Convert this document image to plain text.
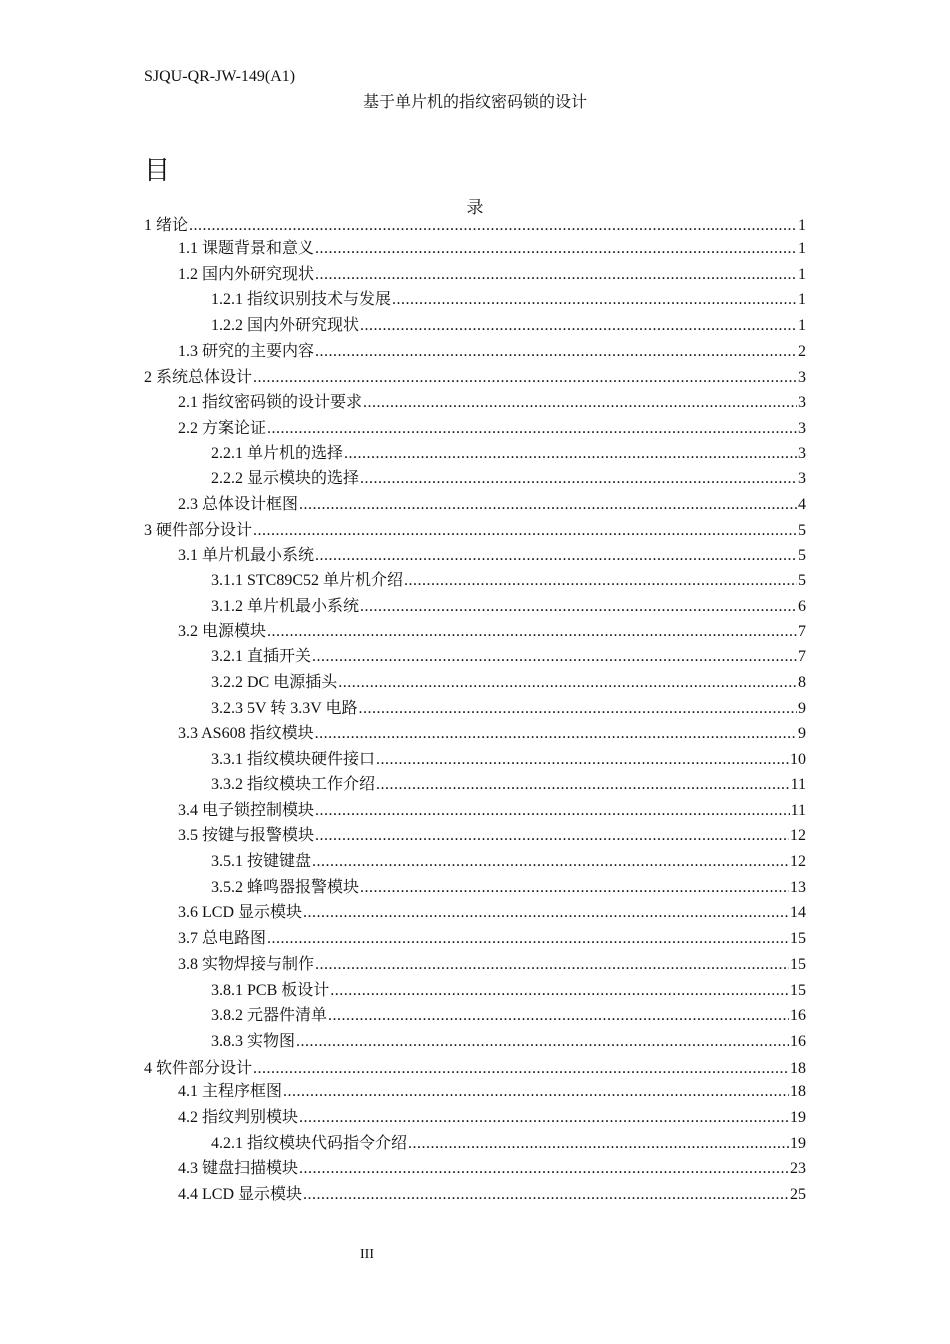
SJQU-QR-JW-149(A1)
基于单片机的指纹密码锁的设计
目
录
1 绪论 .....	1
1.1 课题背景和意义 .....	1
1.2 国内外研究现状 .....	1
1.2.1 指纹识别技术与发展 .....	1
1.2.2 国内外研究现状 .....	1
1.3 研究的主要内容 .....	2
2 系统总体设计 .....	3
2.1 指纹密码锁的设计要求 .....	3
2.2 方案论证 .....	3
2.2.1 单片机的选择 .....	3
2.2.2 显示模块的选择 .....	3
2.3 总体设计框图 .....	4
3 硬件部分设计 .....	5
3.1 单片机最小系统 .....	5
3.1.1 STC89C52 单片机介绍 .....	5
3.1.2 单片机最小系统 .....	6
3.2 电源模块 .....	7
3.2.1 直插开关 .....	7
3.2.2 DC 电源插头 .....	8
3.2.3 5V 转 3.3V 电路 .....	9
3.3 AS608 指纹模块 .....	9
3.3.1 指纹模块硬件接口 .....	10
3.3.2 指纹模块工作介绍 .....	11
3.4 电子锁控制模块 .....	11
3.5 按键与报警模块 .....	12
3.5.1 按键键盘 .....	12
3.5.2 蜂鸣器报警模块 .....	13
3.6 LCD 显示模块 .....	14
3.7 总电路图 .....	15
3.8 实物焊接与制作 .....	15
3.8.1 PCB 板设计 .....	15
3.8.2 元器件清单 .....	16
3.8.3 实物图 .....	16
4 软件部分设计 .....	18
4.1 主程序框图 .....	18
4.2 指纹判别模块 .....	19
4.2.1 指纹模块代码指令介绍 .....	19
4.3 键盘扫描模块 .....	23
4.4 LCD 显示模块 .....	25
III
